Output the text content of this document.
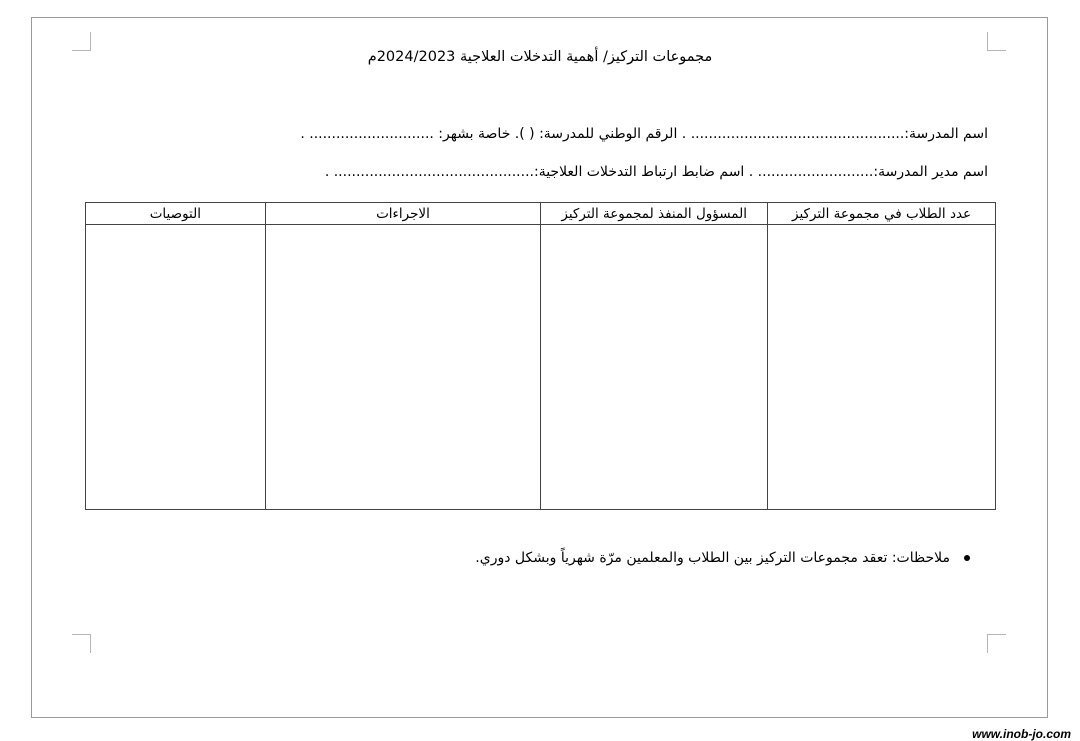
مجموعات التركيز/ أهمية التدخلات العلاجية 2024/2023م
اسم المدرسة:................................................ . الرقم الوطني للمدرسة: ( ). خاصة بشهر: ............................ .
اسم مدير المدرسة:.......................... . اسم ضابط ارتباط التدخلات العلاجية:............................................. .
عدد الطلاب في مجموعة التركيز	المسؤول المنفذ لمجموعة التركيز	الاجراءات	التوصيات

ملاحظات: تعقد مجموعات التركيز بين الطلاب والمعلمين مرّة شهرياً وبشكل دوري.
www.inob-jo.com
